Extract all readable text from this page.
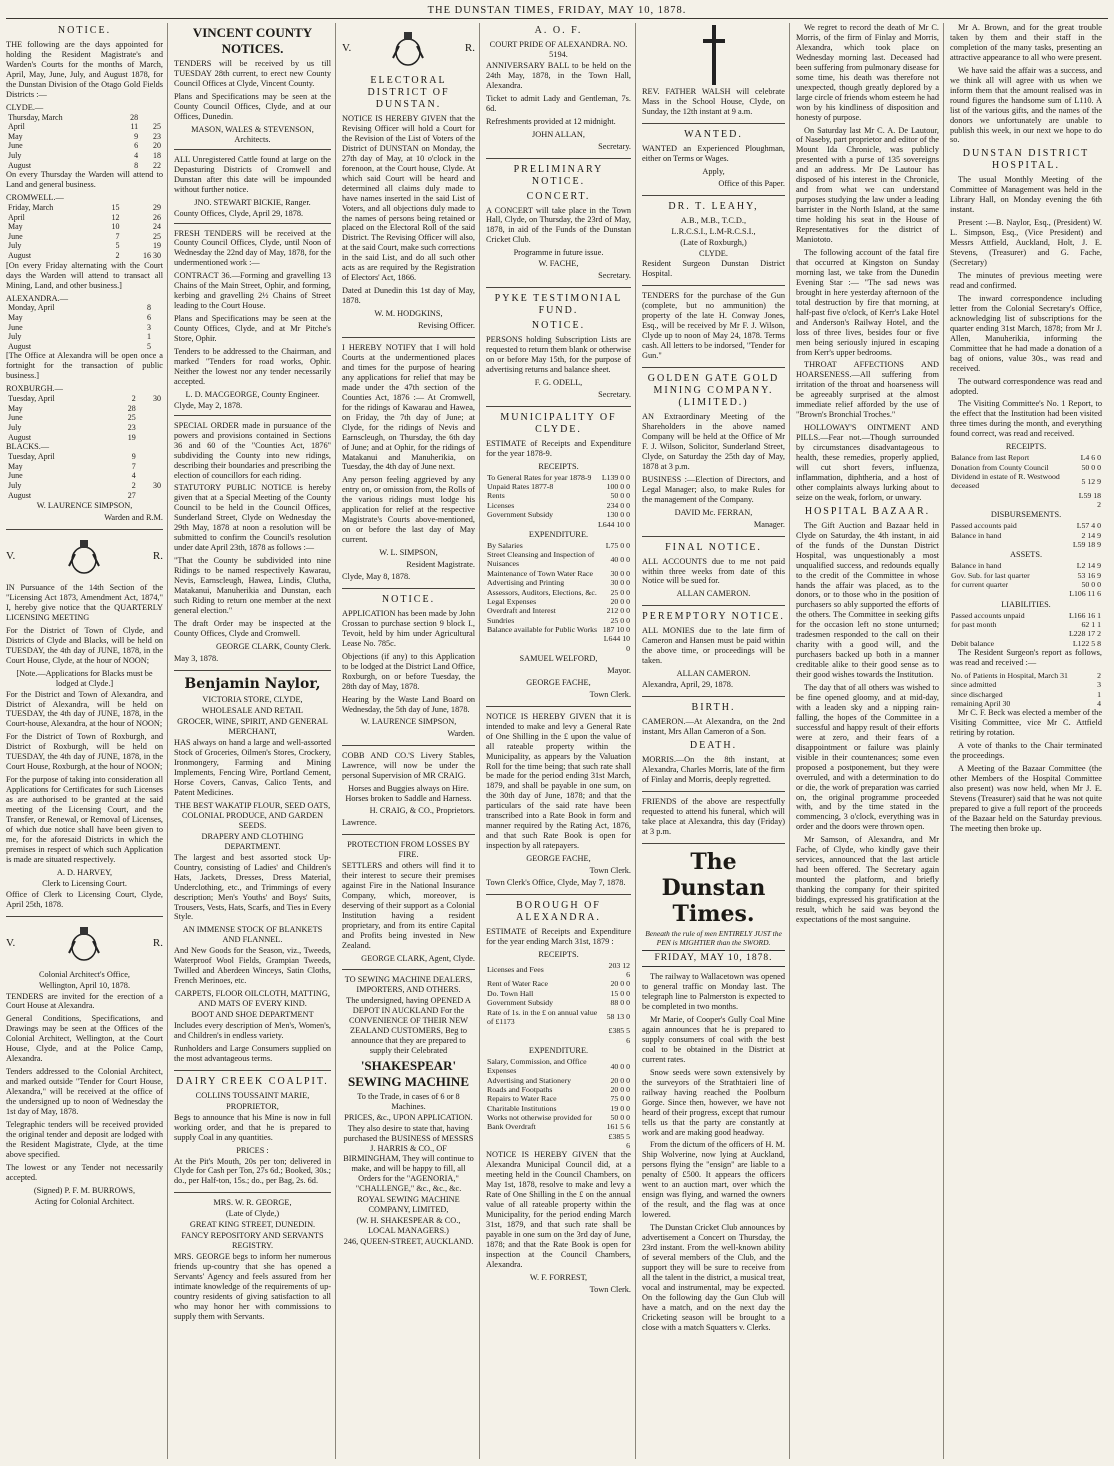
THE DUNSTAN TIMES, FRIDAY, MAY 10, 1878.
NOTICE.

THE following are the days appointed for holding the Resident Magistrate's and Warden's Courts for the months of March, April, May, June, July, and August 1878, for the Dunstan Division of the Otago Gold Fields Districts :—

CLYDE.—
Thursday, March	28	
April	11	25
May	9	23
June	6	20
July	4	18
August	8	22

On every Thursday the Warden will attend to Land and general business.

CROMWELL.—
Friday, March	15	29
April	12	26
May	10	24
June	7	25
July	5	19
August	2	16 30

[On every Friday alternating with the Court days the Warden will attend to transact all Mining, Land, and other business.]

ALEXANDRA.—
Monday, April	8	
May	6	
June	3	
July	1	
August	5	

[The Office at Alexandra will be open once a fortnight for the transaction of public business.]

ROXBURGH.—
Tuesday, April	2	30
May	28	
June	25	
July	23	
August	19	
BLACKS.—
Tuesday, April	9	
May	7	
June	4	
July	2	30
August	27	
W. LAURENCE SIMPSON,
Warden and R.M.
V.	R.

IN Pursuance of the 14th Section of the "Licensing Act 1873, Amendment Act, 1874," I, hereby give notice that the QUARTERLY LICENSING MEETING

For the District of Town of Clyde, and Districts of Clyde and Blacks, will be held on TUESDAY, the 4th day of JUNE, 1878, in the Court House, Clyde, at the hour of NOON;

[Note.—Applications for Blacks must be lodged at Clyde.]

For the District and Town of Alexandra, and District of Alexandra, will be held on TUESDAY, the 4th day of JUNE, 1878, in the Court-house, Alexandra, at the hour of NOON;

For the District of Town of Roxburgh, and District of Roxburgh, will be held on TUESDAY, the 4th day of JUNE, 1878, in the Court House, Roxburgh, at the hour of NOON;

For the purpose of taking into consideration all Applications for Certificates for such Licenses as are authorised to be granted at the said meeting of the Licensing Court, and the Transfer, or Renewal, or Removal of Licenses, of which due notice shall have been given to me, for the aforesaid Districts in which the premises in respect of which such Application is made are situated respectively.

A. D. HARVEY,
Clerk to Licensing Court.

Office of Clerk to Licensing Court, Clyde, April 25th, 1878.

V.	R.
Colonial Architect's Office,
Wellington, April 10, 1878.

TENDERS are invited for the erection of a Court House at Alexandra.

General Conditions, Specifications, and Drawings may be seen at the Offices of the Colonial Architect, Wellington, at the Court House, Clyde, and at the Police Camp, Alexandra.

Tenders addressed to the Colonial Architect, and marked outside "Tender for Court House, Alexandra," will be received at the office of the undersigned up to noon of Wednesday the 1st day of May, 1878.

Telegraphic tenders will be received provided the original tender and deposit are lodged with the Resident Magistrate, Clyde, at the time above specified.

The lowest or any Tender not necessarily accepted.

(Signed) P. F. M. BURROWS,
Acting for Colonial Architect.
VINCENT COUNTY NOTICES.

TENDERS will be received by us till TUESDAY 28th current, to erect new County Council Offices at Clyde, Vincent County.

Plans and Specifications may be seen at the County Council Offices, Clyde, and at our Offices, Dunedin.

MASON, WALES & STEVENSON, Architects.

ALL Unregistered Cattle found at large on the Depasturing Districts of Cromwell and Dunstan after this date will be impounded without further notice.

JNO. STEWART BICKIE, Ranger.

County Offices, Clyde, April 29, 1878.

FRESH TENDERS will be received at the County Council Offices, Clyde, until Noon of Wednesday the 22nd day of May, 1878, for the undermentioned work :—

CONTRACT 36.—Forming and gravelling 13 Chains of the Main Street, Ophir, and forming, kerbing and gravelling 2½ Chains of Street leading to the Court House.

Plans and Specifications may be seen at the County Offices, Clyde, and at Mr Pitche's Store, Ophir.

Tenders to be addressed to the Chairman, and marked "Tenders for road works, Ophir. Neither the lowest nor any tender necessarily accepted.

L. D. MACGEORGE, County Engineer.

Clyde, May 2, 1878.

SPECIAL ORDER made in pursuance of the powers and provisions contained in Sections 36 and 60 of the "Counties Act, 1876" subdividing the County into new ridings, describing their boundaries and prescribing the election of councillors for each riding.

STATUTORY PUBLIC NOTICE is hereby given that at a Special Meeting of the County Council to be held in the Council Offices, Sunderland Street, Clyde on Wednesday the 29th May, 1878 at noon a resolution will be submitted to confirm the Council's resolution under date April 23th, 1878 as follows :—

"That the County be subdivided into nine Ridings to be named respectively Kawarau, Nevis, Earnscleugh, Hawea, Lindis, Clutha, Matakanui, Manuherikia and Dunstan, each such Riding to return one member at the next general election."

The draft Order may be inspected at the County Offices, Clyde and Cromwell.

GEORGE CLARK, County Clerk.

May 3, 1878.

Benjamin Naylor,
VICTORIA STORE, CLYDE,
WHOLESALE AND RETAIL
GROCER, WINE, SPIRIT, AND GENERAL MERCHANT,

HAS always on hand a large and well-assorted Stock of Groceries, Oilmen's Stores, Crockery, Ironmongery, Farming and Mining Implements, Fencing Wire, Portland Cement, Horse Covers, Canvas, Calico Tents, and Patent Medicines.

THE BEST WAKATIP FLOUR, SEED OATS, COLONIAL PRODUCE, AND GARDEN SEEDS.
DRAPERY AND CLOTHING DEPARTMENT.

The largest and best assorted stock Up-Country, consisting of Ladies' and Children's Hats, Jackets, Dresses, Dress Material, Underclothing, etc., and Trimmings of every description; Men's Youths' and Boys' Suits, Trousers, Vests, Hats, Scarfs, and Ties in Every Style.

AN IMMENSE STOCK OF BLANKETS AND FLANNEL.

And New Goods for the Season, viz., Tweeds, Waterproof Wool Fields, Grampian Tweeds, Twilled and Aberdeen Winceys, Satin Cloths, French Merinoes, etc.

CARPETS, FLOOR OILCLOTH, MATTING, AND MATS OF EVERY KIND.
BOOT AND SHOE DEPARTMENT

Includes every description of Men's, Women's, and Children's in endless variety.

Runholders and Large Consumers supplied on the most advantageous terms.

DAIRY CREEK COALPIT.
COLLINS TOUSSAINT MARIE,
PROPRIETOR,

Begs to announce that his Mine is now in full working order, and that he is prepared to supply Coal in any quantities.

PRICES :

At the Pit's Mouth, 20s per ton; delivered in Clyde for Cash per Ton, 27s 6d.; Booked, 30s.; do., per Half-ton, 15s.; do., per Bag, 2s. 6d.

MRS. W. R. GEORGE,
(Late of Clyde,)
GREAT KING STREET, DUNEDIN.
FANCY REPOSITORY AND SERVANTS REGISTRY.

MRS. GEORGE begs to inform her numerous friends up-country that she has opened a Servants' Agency and feels assured from her intimate knowledge of the requirements of up-country residents of giving satisfaction to all who may honor her with commissions to supply them with Servants.

V.	R.
ELECTORAL DISTRICT OF DUNSTAN.

NOTICE IS HEREBY GIVEN that the Revising Officer will hold a Court for the Revision of the List of Voters of the District of DUNSTAN on Monday, the 27th day of May, at 10 o'clock in the forenoon, at the Court house, Clyde. At which said Court will be heard and determined all claims duly made to have names inserted in the said List of Voters, and all objections duly made to the names of persons being retained or placed on the Electoral Roll of the said District. The Revising Officer will also, at the said Court, make such corrections in the said List, and do all such other acts as are required by the Registration of Electors' Act, 1866.

Dated at Dunedin this 1st day of May, 1878.

W. M. HODGKINS,
Revising Officer.

I HEREBY NOTIFY that I will hold Courts at the undermentioned places and times for the purpose of hearing any applications for relief that may be made under the 47th section of the Counties Act, 1876 :— At Cromwell, for the ridings of Kawarau and Hawea, on Friday, the 7th day of June; at Clyde, for the ridings of Nevis and Earnscleugh, on Thursday, the 6th day of June; and at Ophir, for the ridings of Matakanui and Manuherikia, on Tuesday, the 4th day of June next.

Any person feeling aggrieved by any entry on, or omission from, the Rolls of the various ridings must lodge his application for relief at the respective Magistrate's Courts above-mentioned, on or before the last day of May current.

W. L. SIMPSON,
Resident Magistrate.

Clyde, May 8, 1878.

NOTICE.

APPLICATION has been made by John Crossan to purchase section 9 block I., Tevoit, held by him under Agricultural Lease No. 785c.

Objections (if any) to this Application to be lodged at the District Land Office, Roxburgh, on or before Tuesday, the 28th day of May, 1878.

Hearing by the Waste Land Board on Wednesday, the 5th day of June, 1878.

W. LAURENCE SIMPSON,
Warden.

COBB AND CO.'S Livery Stables, Lawrence, will now be under the personal Supervision of MR CRAIG.

Horses and Buggies always on Hire. Horses broken to Saddle and Harness.

H. CRAIG, & CO., Proprietors.

Lawrence.

PROTECTION FROM LOSSES BY FIRE.

SETTLERS and others will find it to their interest to secure their premises against Fire in the National Insurance Company, which, moreover, is deserving of their support as a Colonial Institution having a resident proprietary, and from its entire Capital and Profits being invested in New Zealand.

GEORGE CLARK, Agent, Clyde.
TO SEWING MACHINE DEALERS, IMPORTERS, AND OTHERS.

The undersigned, having OPENED A DEPOT IN AUCKLAND For the CONVENIENCE OF THEIR NEW ZEALAND CUSTOMERS, Beg to announce that they are prepared to supply their Celebrated

'SHAKESPEAR' SEWING MACHINE

To the Trade, in cases of 6 or 8 Machines.

PRICES, &c., UPON APPLICATION.

They also desire to state that, having purchased the BUSINESS of MESSRS J. HARRIS & CO., OF BIRMINGHAM, They will continue to make, and will be happy to fill, all Orders for the "AGENORIA," "CHALLENGE," &c., &c., &c.

ROYAL SEWING MACHINE COMPANY, LIMITED,
(W. H. SHAKESPEAR & CO., LOCAL MANAGERS.)
246, QUEEN-STREET, AUCKLAND.
A. O. F.
COURT PRIDE OF ALEXANDRA. NO. 5194.

ANNIVERSARY BALL to be held on the 24th May, 1878, in the Town Hall, Alexandra.

Ticket to admit Lady and Gentleman, 7s. 6d.

Refreshments provided at 12 midnight.

JOHN ALLAN,
Secretary.
PRELIMINARY NOTICE.
CONCERT.

A CONCERT will take place in the Town Hall, Clyde, on Thursday, the 23rd of May, 1878, in aid of the Funds of the Dunstan Cricket Club.

Programme in future issue.

W. FACHE,
Secretary.
PYKE TESTIMONIAL FUND.
NOTICE.

PERSONS holding Subscription Lists are requested to return them blank or otherwise on or before May 15th, for the purpose of advertising returns and balance sheet.

F. G. ODELL,
Secretary.
MUNICIPALITY OF CLYDE.

ESTIMATE of Receipts and Expenditure for the year 1878-9.

RECEIPTS.
To General Rates for year 1878-9	L139 0 0
Unpaid Rates 1877-8	100 0 0
Rents	50 0 0
Licenses	234 0 0
Government Subsidy	130 0 0
	L644 10 0
EXPENDITURE.
By Salaries	L75 0 0
Street Cleansing and Inspection of Nuisances	40 0 0
Maintenance of Town Water Race	30 0 0
Advertising and Printing	30 0 0
Assessors, Auditors, Elections, &c.	25 0 0
Legal Expenses	20 0 0
Overdraft and Interest	212 0 0
Sundries	25 0 0
Balance available for Public Works	187 10 0
	L644 10 0
SAMUEL WELFORD,
Mayor.
GEORGE FACHE,
Town Clerk.

NOTICE IS HEREBY GIVEN that it is intended to make and levy a General Rate of One Shilling in the £ upon the value of all rateable property within the Municipality, as appears by the Valuation Roll for the time being; that such rate shall be made for the period ending 31st March, 1879, and shall be payable in one sum, on the 30th day of June, 1878; and that the particulars of the said rate have been transcribed into a Rate Book in form and manner required by the Rating Act, 1876, and that such Rate Book is open for inspection by all ratepayers.

GEORGE FACHE,
Town Clerk.

Town Clerk's Office, Clyde, May 7, 1878.

BOROUGH OF ALEXANDRA.

ESTIMATE of Receipts and Expenditure for the year ending March 31st, 1879 :

RECEIPTS.
Licenses and Fees	203 12 6
Rent of Water Race	20 0 0
Do. Town Hall	15 0 0
Government Subsidy	88 0 0
Rate of 1s. in the £ on annual value of £1173	58 13 0
	£385 5 6
EXPENDITURE.
Salary, Commission, and Office Expenses	40 0 0
Advertising and Stationery	20 0 0
Roads and Footpaths	20 0 0
Repairs to Water Race	75 0 0
Charitable Institutions	19 0 0
Works not otherwise provided for	50 0 0
Bank Overdraft	161 5 6
	£385 5 6

NOTICE IS HEREBY GIVEN that the Alexandra Municipal Council did, at a meeting held in the Council Chambers, on May 1st, 1878, resolve to make and levy a Rate of One Shilling in the £ on the annual value of all rateable property within the Municipality, for the period ending March 31st, 1879, and that such rate shall be payable in one sum on the 3rd day of June, 1878; and that the Rate Book is open for inspection at the Council Chambers, Alexandra.

W. F. FORREST,
Town Clerk.

REV. FATHER WALSH will celebrate Mass in the School House, Clyde, on Sunday, the 12th instant at 9 a.m.

WANTED.

WANTED an Experienced Ploughman, either on Terms or Wages.

Apply,

Office of this Paper.
DR. T. LEAHY,
A.B., M.B., T.C.D.,
L.R.C.S.I., L.M-R.C.S.I.,
(Late of Roxburgh,)
CLYDE.

Resident Surgeon Dunstan District Hospital.

TENDERS for the purchase of the Gun (complete, but no ammunition) the property of the late H. Conway Jones, Esq., will be received by Mr F. J. Wilson, Clyde up to noon of May 24, 1878. Terms cash. All letters to be indorsed, "Tender for Gun."

GOLDEN GATE GOLD MINING COMPANY. (LIMITED.)

AN Extraordinary Meeting of the Shareholders in the above named Company will be held at the Office of Mr F. J. Wilson, Solicitor, Sunderland Street, Clyde, on Saturday the 25th day of May, 1878 at 3 p.m.

BUSINESS :—Election of Directors, and Legal Manager; also, to make Rules for the management of the Company.

DAVID Mc. FERRAN,
Manager.
FINAL NOTICE.

ALL ACCOUNTS due to me not paid within three weeks from date of this Notice will be sued for.

ALLAN CAMERON.
PEREMPTORY NOTICE.

ALL MONIES due to the late firm of Cameron and Hansen must be paid within the above time, or proceedings will be taken.

ALLAN CAMERON.

Alexandra, April, 29, 1878.

BIRTH.

CAMERON.—At Alexandra, on the 2nd instant, Mrs Allan Cameron of a Son.

DEATH.

MORRIS.—On the 8th instant, at Alexandra, Charles Morris, late of the firm of Finlay and Morris, deeply regretted.

FRIENDS of the above are respectfully requested to attend his funeral, which will take place at Alexandra, this day (Friday) at 3 p.m.

The Dunstan Times.
Beneath the rule of men ENTIRELY JUST the PEN is MIGHTIER than the SWORD.
FRIDAY, MAY 10, 1878.

The railway to Wallacetown was opened to general traffic on Monday last. The telegraph line to Palmerston is expected to be completed in two months.

Mr Marie, of Cooper's Gully Coal Mine again announces that he is prepared to supply consumers of coal with the best coal to be obtained in the District at current rates.

Snow seeds were sown extensively by the surveyors of the Strathtaieri line of railway having reached the Poolburn Gorge. Since then, however, we have not heard of their progress, except that rumour tells us that the party are constantly at work and are making good headway.

From the dictum of the officers of H. M. Ship Wolverine, now lying at Auckland, persons flying the "ensign" are liable to a penalty of £500. It appears the officers went to an auction mart, over which the ensign was flying, and warned the owners of the result, and the flag was at once lowered.

The Dunstan Cricket Club announces by advertisement a Concert on Thursday, the 23rd instant. From the well-known ability of several members of the Club, and the support they will be sure to receive from all the talent in the district, a musical treat, vocal and instrumental, may be expected. On the following day the Gun Club will have a match, and on the next day the Cricketing season will be brought to a close with a match Squatters v. Clerks.

We regret to record the death of Mr C. Morris, of the firm of Finlay and Morris, Alexandra, which took place on Wednesday morning last. Deceased had been suffering from pulmonary disease for some time, his death was therefore not unexpected, though greatly deplored by a large circle of friends whom esteem he had won by his kindliness of disposition and honesty of purpose.

On Saturday last Mr C. A. De Lautour, of Naseby, part proprietor and editor of the Mount Ida Chronicle, was publicly presented with a purse of 135 sovereigns and an address. Mr De Lautour has disposed of his interest in the Chronicle, and from what we can understand purposes studying the law under a leading barrister in the North Island, at the same time holding his seat in the House of Representatives for the district of Maniototo.

The following account of the fatal fire that occurred at Kingston on Sunday morning last, we take from the Dunedin Evening Star :— "The sad news was brought in here yesterday afternoon of the total destruction by fire that morning, at half-past five o'clock, of Kerr's Lake Hotel and Anderson's Railway Hotel, and the loss of three lives, besides four or five men being seriously injured in escaping from Kerr's upper bedrooms.

THROAT AFFECTIONS AND HOARSENESS.—All suffering from irritation of the throat and hoarseness will be agreeably surprised at the almost immediate relief afforded by the use of "Brown's Bronchial Troches."

HOLLOWAY'S OINTMENT AND PILLS.—Fear not.—Though surrounded by circumstances disadvantageous to health, these remedies, properly applied, will cut short fevers, influenza, inflammation, diphtheria, and a host of other complaints always lurking about to seize on the weak, forlorn, or unwary.

HOSPITAL BAZAAR.

The Gift Auction and Bazaar held in Clyde on Saturday, the 4th instant, in aid of the funds of the Dunstan District Hospital, was unquestionably a most unqualified success, and redounds equally to the credit of the Committee in whose hands the affair was placed, as to the donors, or to those who in the position of purchasers so ably supported the efforts of the others. The Committee in seeking gifts for the occasion left no stone unturned; tradesmen responded to the call on their charity with a good will, and the purchasers backed up both in a manner creditable alike to their good sense as to their good wishes towards the Institution.

The day that of all others was wished to be fine opened gloomy, and at mid-day, with a leaden sky and a nipping rain-falling, the hopes of the Committee in a successful and happy result of their efforts were at zero, and their fears of a disappointment or failure was plainly visible in their countenances; some even proposed a postponement, but they were overruled, and with a determination to do or die, the work of preparation was carried on, the original programme proceeded with, and by the time stated in the commencing, 3 o'clock, everything was in order and the doors were thrown open.

Mr Samson, of Alexandra, and Mr Fache, of Clyde, who kindly gave their services, announced that the last article had been offered. The Secretary again mounted the platform, and briefly thanking the company for their spirited biddings, expressed his gratification at the result, which he said was beyond the expectations of the most sanguine.

Mr A. Brown, and for the great trouble taken by them and their staff in the completion of the many tasks, presenting an attractive appearance to all who were present.

We have said the affair was a success, and we think all will agree with us when we inform them that the amount realised was in round figures the handsome sum of L110. A list of the various gifts, and the names of the donors we unfortunately are unable to publish this week, in our next we hope to do so.

DUNSTAN DISTRICT HOSPITAL.

The usual Monthly Meeting of the Committee of Management was held in the Library Hall, on Monday evening the 6th instant.

Present :—B. Naylor, Esq., (President) W. L. Simpson, Esq., (Vice President) and Messrs Attfield, Auckland, Holt, J. E. Stevens, (Treasurer) and G. Fache, (Secretary)

The minutes of previous meeting were read and confirmed.

The inward correspondence including letter from the Colonial Secretary's Office, acknowledging list of subscriptions for the quarter ending 31st March, 1878; from Mr J. Allen, Manuherikia, informing the Committee that he had made a donation of a bag of onions, value 30s., was read and received.

The outward correspondence was read and adopted.

The Visiting Committee's No. 1 Report, to the effect that the Institution had been visited three times during the month, and everything found correct, was read and received.

RECEIPTS.
Balance from last Report	L4 6 0
Donation from County Council	50 0 0
Dividend in estate of R. Westwood deceased	5 12 9
	L59 18 2
DISBURSEMENTS.
Passed accounts paid	L57 4 0
Balance in hand	2 14 9
	L59 18 9
ASSETS.
Balance in hand	L2 14 9
Gov. Sub. for last quarter	53 16 9
for current quarter	50 0 0
	L106 11 6
LIABILITIES.
Passed accounts unpaid	L166 16 1
for past month	62 1 1
	L228 17 2
Debit balance	L122 5 8

The Resident Surgeon's report as follows, was read and received :—

No. of Patients in Hospital, March 31	2
since admitted	3
since discharged	1
remaining April 30	4

Mr C. F. Beck was elected a member of the Visiting Committee, vice Mr C. Attfield retiring by rotation.

A vote of thanks to the Chair terminated the proceedings.

A Meeting of the Bazaar Committee (the other Members of the Hospital Committee also present) was now held, when Mr J. E. Stevens (Treasurer) said that he was not quite prepared to give a full report of the proceeds of the Bazaar held on the Saturday previous. The meeting then broke up.
